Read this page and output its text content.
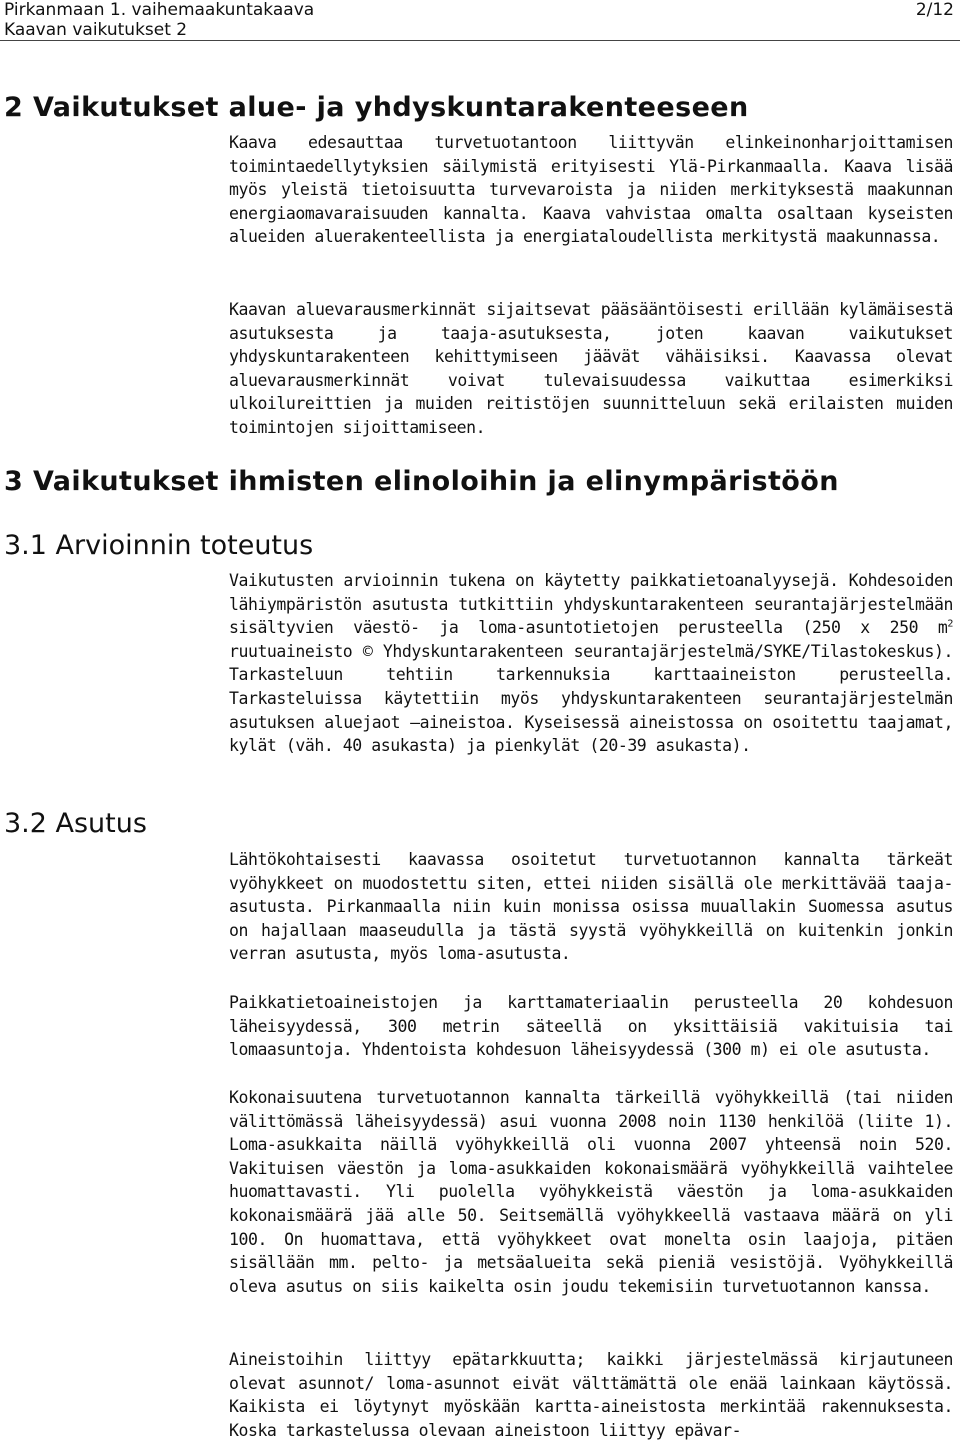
Pirkanmaan 1. vaihemaakuntakaava
Kaavan vaikutukset 2
2/12
2 Vaikutukset alue- ja yhdyskuntarakenteeseen

Kaava edesauttaa turvetuotantoon liittyvän elinkeinonharjoittamisen toimintaedellytyksien säilymistä erityisesti Ylä-Pirkanmaalla. Kaava lisää myös yleistä tietoisuutta turvevaroista ja niiden merkityksestä maakunnan energiaomavaraisuuden kannalta. Kaava vahvistaa omalta osaltaan kyseisten alueiden aluerakenteellista ja energiataloudellista merkitystä maakunnassa.

Kaavan aluevarausmerkinnät sijaitsevat pääsääntöisesti erillään kylämäisestä asutuksesta ja taaja-asutuksesta, joten kaavan vaikutukset yhdyskuntarakenteen kehittymiseen jäävät vähäisiksi. Kaavassa olevat aluevarausmerkinnät voivat tulevaisuudessa vaikuttaa esimerkiksi ulkoilureittien ja muiden reitistöjen suunnitteluun sekä erilaisten muiden toimintojen sijoittamiseen.

3 Vaikutukset ihmisten elinoloihin ja elinympäristöön
3.1 Arvioinnin toteutus

Vaikutusten arvioinnin tukena on käytetty paikkatietoanalyysejä. Kohdesoiden lähiympäristön asutusta tutkittiin yhdyskuntarakenteen seurantajärjestelmään sisältyvien väestö- ja loma-asuntotietojen perusteella (250 x 250 $m^2$ ruutuaineisto © Yhdyskuntarakenteen seurantajärjestelmä/SYKE/Tilastokeskus). Tarkasteluun tehtiin tarkennuksia karttaaineiston perusteella. Tarkasteluissa käytettiin myös yhdyskuntarakenteen seurantajärjestelmän asutuksen aluejaot –aineistoa. Kyseisessä aineistossa on osoitettu taajamat, kylät (väh. 40 asukasta) ja pienkylät (20-39 asukasta).

3.2 Asutus

Lähtökohtaisesti kaavassa osoitetut turvetuotannon kannalta tärkeät vyöhykkeet on muodostettu siten, ettei niiden sisällä ole merkittävää taaja-asutusta. Pirkanmaalla niin kuin monissa osissa muuallakin Suomessa asutus on hajallaan maaseudulla ja tästä syystä vyöhykkeillä on kuitenkin jonkin verran asutusta, myös loma-asutusta.

Paikkatietoaineistojen ja karttamateriaalin perusteella 20 kohdesuon läheisyydessä, 300 metrin säteellä on yksittäisiä vakituisia tai lomaasuntoja. Yhdentoista kohdesuon läheisyydessä (300 m) ei ole asutusta.

Kokonaisuutena turvetuotannon kannalta tärkeillä vyöhykkeillä (tai niiden välittömässä läheisyydessä) asui vuonna 2008 noin 1130 henkilöä (liite 1). Loma-asukkaita näillä vyöhykkeillä oli vuonna 2007 yhteensä noin 520. Vakituisen väestön ja loma-asukkaiden kokonaismäärä vyöhykkeillä vaihtelee huomattavasti. Yli puolella vyöhykkeistä väestön ja loma-asukkaiden kokonaismäärä jää alle 50. Seitsemällä vyöhykkeellä vastaava määrä on yli 100. On huomattava, että vyöhykkeet ovat monelta osin laajoja, pitäen sisällään mm. pelto- ja metsäalueita sekä pieniä vesistöjä. Vyöhykkeillä oleva asutus on siis kaikelta osin joudu tekemisiin turvetuotannon kanssa.

Aineistoihin liittyy epätarkkuutta; kaikki järjestelmässä kirjautuneen olevat asunnot/ loma-asunnot eivät välttämättä ole enää lainkaan käytössä. Kaikista ei löytynyt myöskään kartta-aineistosta merkintää rakennuksesta. Koska tarkastelussa olevaan aineistoon liittyy epävar-
